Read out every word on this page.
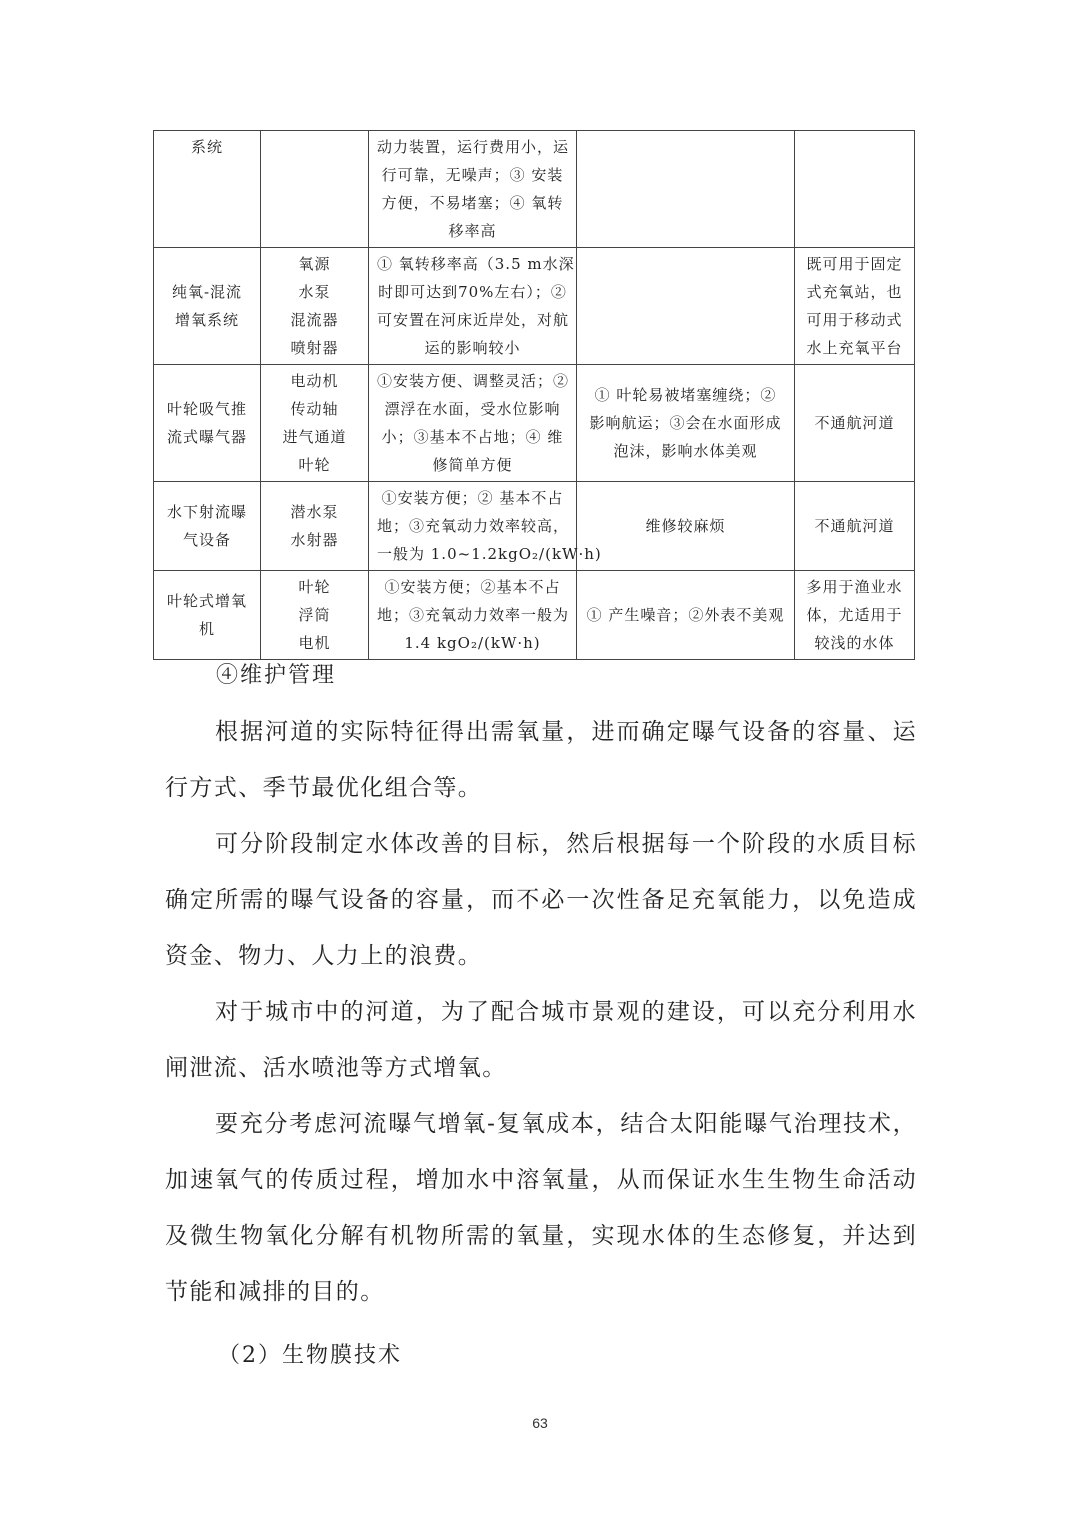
系统		动力装置，运行费用小，运
行可靠，无噪声；③ 安装
方便，不易堵塞；④ 氧转
移率高		

纯氧-混流
增氧系统	氧源
水泵
混流器
喷射器	① 氧转移率高（3.5 m水深
时即可达到70%左右）；②
可安置在河床近岸处，对航
运的影响较小		既可用于固定
式充氧站，也
可用于移动式
水上充氧平台

叶轮吸气推
流式曝气器	电动机
传动轴
进气通道
叶轮	①安装方便、调整灵活；②
漂浮在水面，受水位影响
小；③基本不占地；④ 维
修简单方便	① 叶轮易被堵塞缠绕；②
影响航运；③会在水面形成
泡沫，影响水体美观	不通航河道

水下射流曝
气设备	潜水泵
水射器	①安装方便；② 基本不占
地；③充氧动力效率较高，
一般为 1.0~1.2kgO₂/(kW·h)	维修较麻烦	不通航河道

叶轮式增氧
机	叶轮
浮筒
电机	①安装方便；②基本不占
地；③充氧动力效率一般为
1.4 kgO₂/(kW·h)	① 产生噪音；②外表不美观	多用于渔业水
体，尤适用于
较浅的水体
④维护管理

根据河道的实际特征得出需氧量，进而确定曝气设备的容量、运行方式、季节最优化组合等。

可分阶段制定水体改善的目标，然后根据每一个阶段的水质目标确定所需的曝气设备的容量，而不必一次性备足充氧能力，以免造成资金、物力、人力上的浪费。

对于城市中的河道，为了配合城市景观的建设，可以充分利用水闸泄流、活水喷池等方式增氧。

要充分考虑河流曝气增氧-复氧成本，结合太阳能曝气治理技术，加速氧气的传质过程，增加水中溶氧量，从而保证水生生物生命活动及微生物氧化分解有机物所需的氧量，实现水体的生态修复，并达到节能和减排的目的。

（2）生物膜技术
63
